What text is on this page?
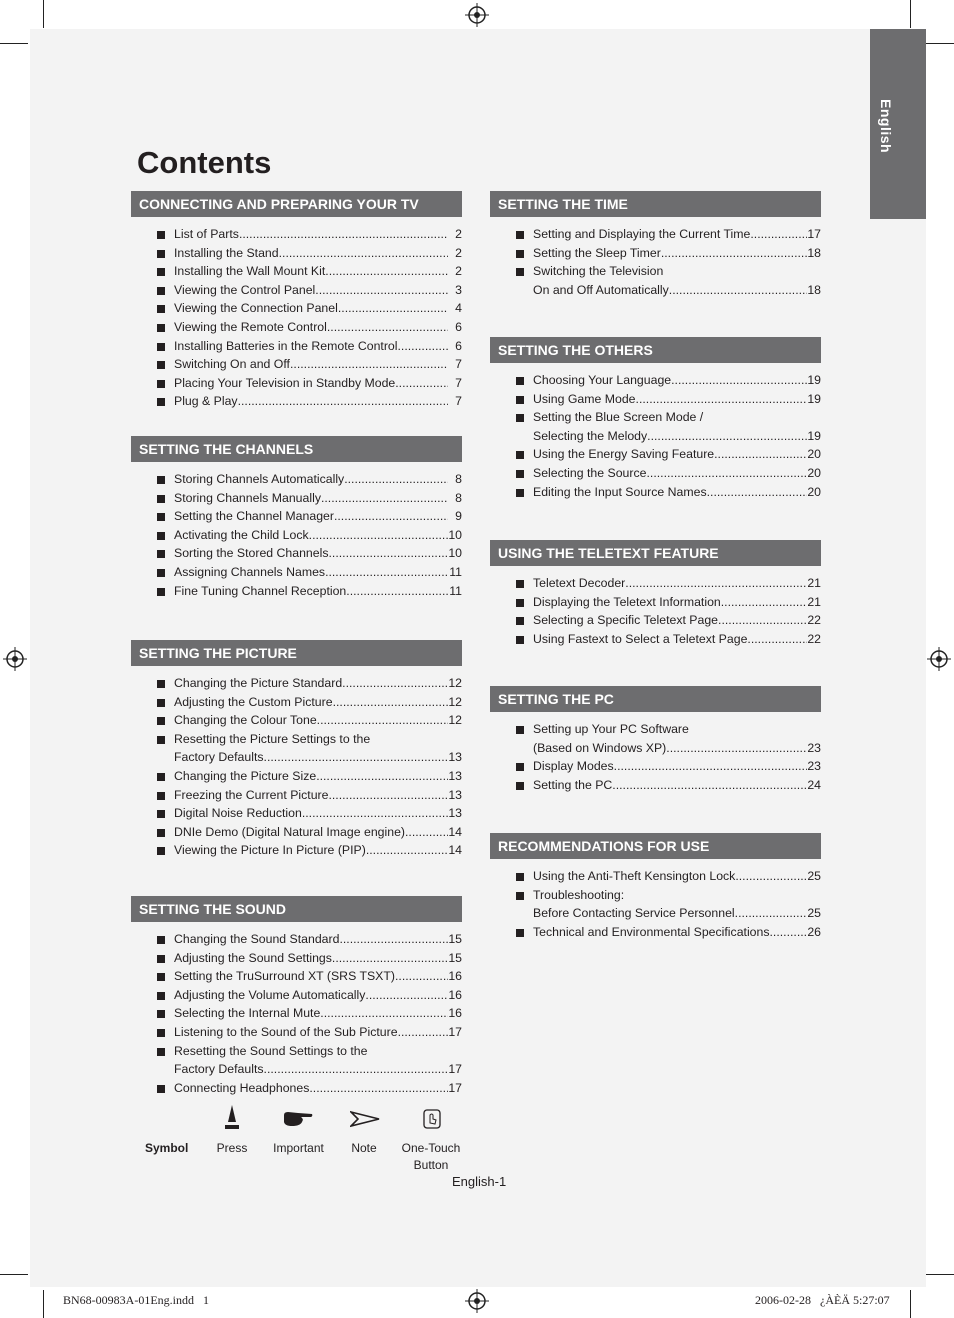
English
Contents
CONNECTING AND PREPARING YOUR TV
List of Parts .....	2
Installing the Stand .....	2
Installing the Wall Mount Kit .....	2
Viewing the Control Panel .....	3
Viewing the Connection Panel .....	4
Viewing the Remote Control .....	6
Installing Batteries in the Remote Control .....	6
Switching On and Off .....	7
Placing Your Television in Standby Mode .....	7
Plug & Play .....	7
SETTING THE CHANNELS
Storing Channels Automatically .....	8
Storing Channels Manually .....	8
Setting the Channel Manager .....	9
Activating the Child Lock .....	10
Sorting the Stored Channels .....	10
Assigning Channels Names .....	11
Fine Tuning Channel Reception .....	11
SETTING THE PICTURE
Changing the Picture Standard .....	12
Adjusting the Custom Picture .....	12
Changing the Colour Tone .....	12
Resetting the Picture Settings to the
Factory Defaults .....	13
Changing the Picture Size .....	13
Freezing the Current Picture .....	13
Digital Noise Reduction .....	13
DNIe Demo (Digital Natural Image engine) .....	14
Viewing the Picture In Picture (PIP) .....	14
SETTING THE SOUND
Changing the Sound Standard .....	15
Adjusting the Sound Settings .....	15
Setting the TruSurround XT (SRS TSXT) .....	16
Adjusting the Volume Automatically .....	16
Selecting the Internal Mute .....	16
Listening to the Sound of the Sub Picture .....	17
Resetting the Sound Settings to the
Factory Defaults .....	17
Connecting Headphones .....	17
SETTING THE TIME
Setting and Displaying the Current Time .....	17
Setting the Sleep Timer .....	18
Switching the Television
On and Off Automatically .....	18
SETTING THE OTHERS
Choosing Your Language .....	19
Using Game Mode .....	19
Setting the Blue Screen Mode /
Selecting the Melody .....	19
Using the Energy Saving Feature .....	20
Selecting the Source .....	20
Editing the Input Source Names .....	20
USING THE TELETEXT FEATURE
Teletext Decoder .....	21
Displaying the Teletext Information .....	21
Selecting a Specific Teletext Page .....	22
Using Fastext to Select a Teletext Page .....	22
SETTING THE PC
Setting up Your PC Software
(Based on Windows XP) .....	23
Display Modes .....	23
Setting the PC .....	24
RECOMMENDATIONS FOR USE
Using the Anti-Theft Kensington Lock .....	25
Troubleshooting:
Before Contacting Service Personnel .....	25
Technical and Environmental Specifications .....	26
Symbol	Press	Important	Note	One-Touch
Button
English-1
BN68-00983A-01Eng.indd   1	2006-02-28   ¿ÀÈÄ 5:27:07
